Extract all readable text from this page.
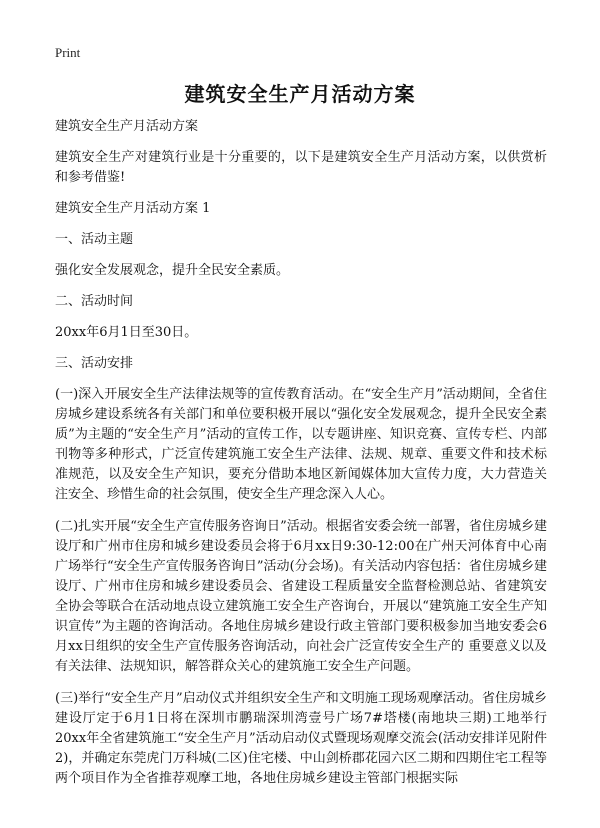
Print
建筑安全生产月活动方案

建筑安全生产月活动方案

建筑安全生产对建筑行业是十分重要的，以下是建筑安全生产月活动方案，以供赏析和参考借鉴!

建筑安全生产月活动方案 1

一、活动主题

强化安全发展观念，提升全民安全素质。

二、活动时间

20xx年6月1日至30日。

三、活动安排

(一)深入开展安全生产法律法规等的宣传教育活动。在“安全生产月”活动期间，全省住房城乡建设系统各有关部门和单位要积极开展以“强化安全发展观念，提升全民安全素质”为主题的“安全生产月”活动的宣传工作，以专题讲座、知识竞赛、宣传专栏、内部刊物等多种形式，广泛宣传建筑施工安全生产法律、法规、规章、重要文件和技术标准规范，以及安全生产知识，要充分借助本地区新闻媒体加大宣传力度，大力营造关注安全、珍惜生命的社会氛围，使安全生产理念深入人心。

(二)扎实开展“安全生产宣传服务咨询日”活动。根据省安委会统一部署，省住房城乡建设厅和广州市住房和城乡建设委员会将于6月xx日9:30-12:00在广州天河体育中心南广场举行“安全生产宣传服务咨询日”活动(分会场)。有关活动内容包括：省住房城乡建设厅、广州市住房和城乡建设委员会、省建设工程质量安全监督检测总站、省建筑安全协会等联合在活动地点设立建筑施工安全生产咨询台，开展以“建筑施工安全生产知识宣传”为主题的咨询活动。各地住房城乡建设行政主管部门要积极参加当地安委会6月xx日组织的安全生产宣传服务咨询活动，向社会广泛宣传安全生产的 重要意义以及有关法律、法规知识，解答群众关心的建筑施工安全生产问题。

(三)举行“安全生产月”启动仪式并组织安全生产和文明施工现场观摩活动。省住房城乡建设厅定于6月1日将在深圳市鹏瑞深圳湾壹号广场7#塔楼(南地块三期)工地举行20xx年全省建筑施工“安全生产月”活动启动仪式暨现场观摩交流会(活动安排详见附件2)，并确定东莞虎门万科城(二区)住宅楼、中山剑桥郡花园六区二期和四期住宅工程等两个项目作为全省推荐观摩工地，各地住房城乡建设主管部门根据实际
